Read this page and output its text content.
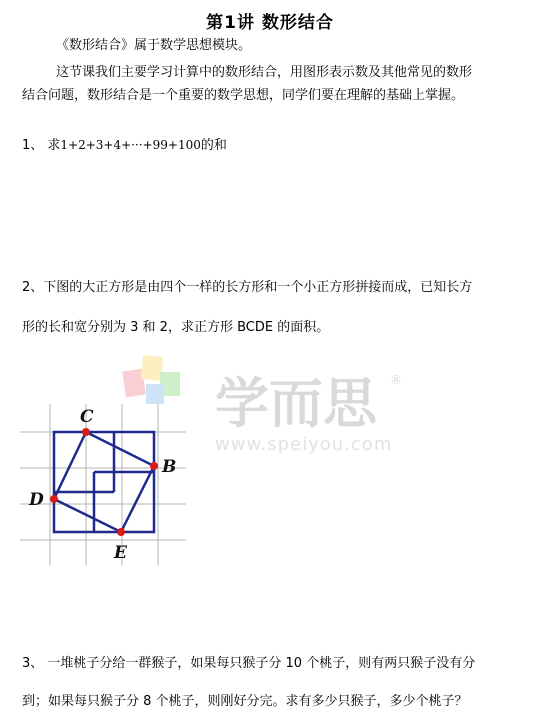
第1讲 数形结合
《数形结合》属于数学思想模块。
这节课我们主要学习计算中的数形结合，用图形表示数及其他常见的数形
结合问题，数形结合是一个重要的数学思想，同学们要在理解的基础上掌握。
1、 求1+2+3+4+···+99+100的和
2、下图的大正方形是由四个一样的长方形和一个小正方形拼接而成，已知长方
形的长和宽分别为 3 和 2，求正方形 BCDE 的面积。
学而思 ®
www.speiyou.com
C
B
D
E
3、 一堆桃子分给一群猴子，如果每只猴子分 10 个桃子，则有两只猴子没有分
到；如果每只猴子分 8 个桃子，则刚好分完。求有多少只猴子，多少个桃子？
